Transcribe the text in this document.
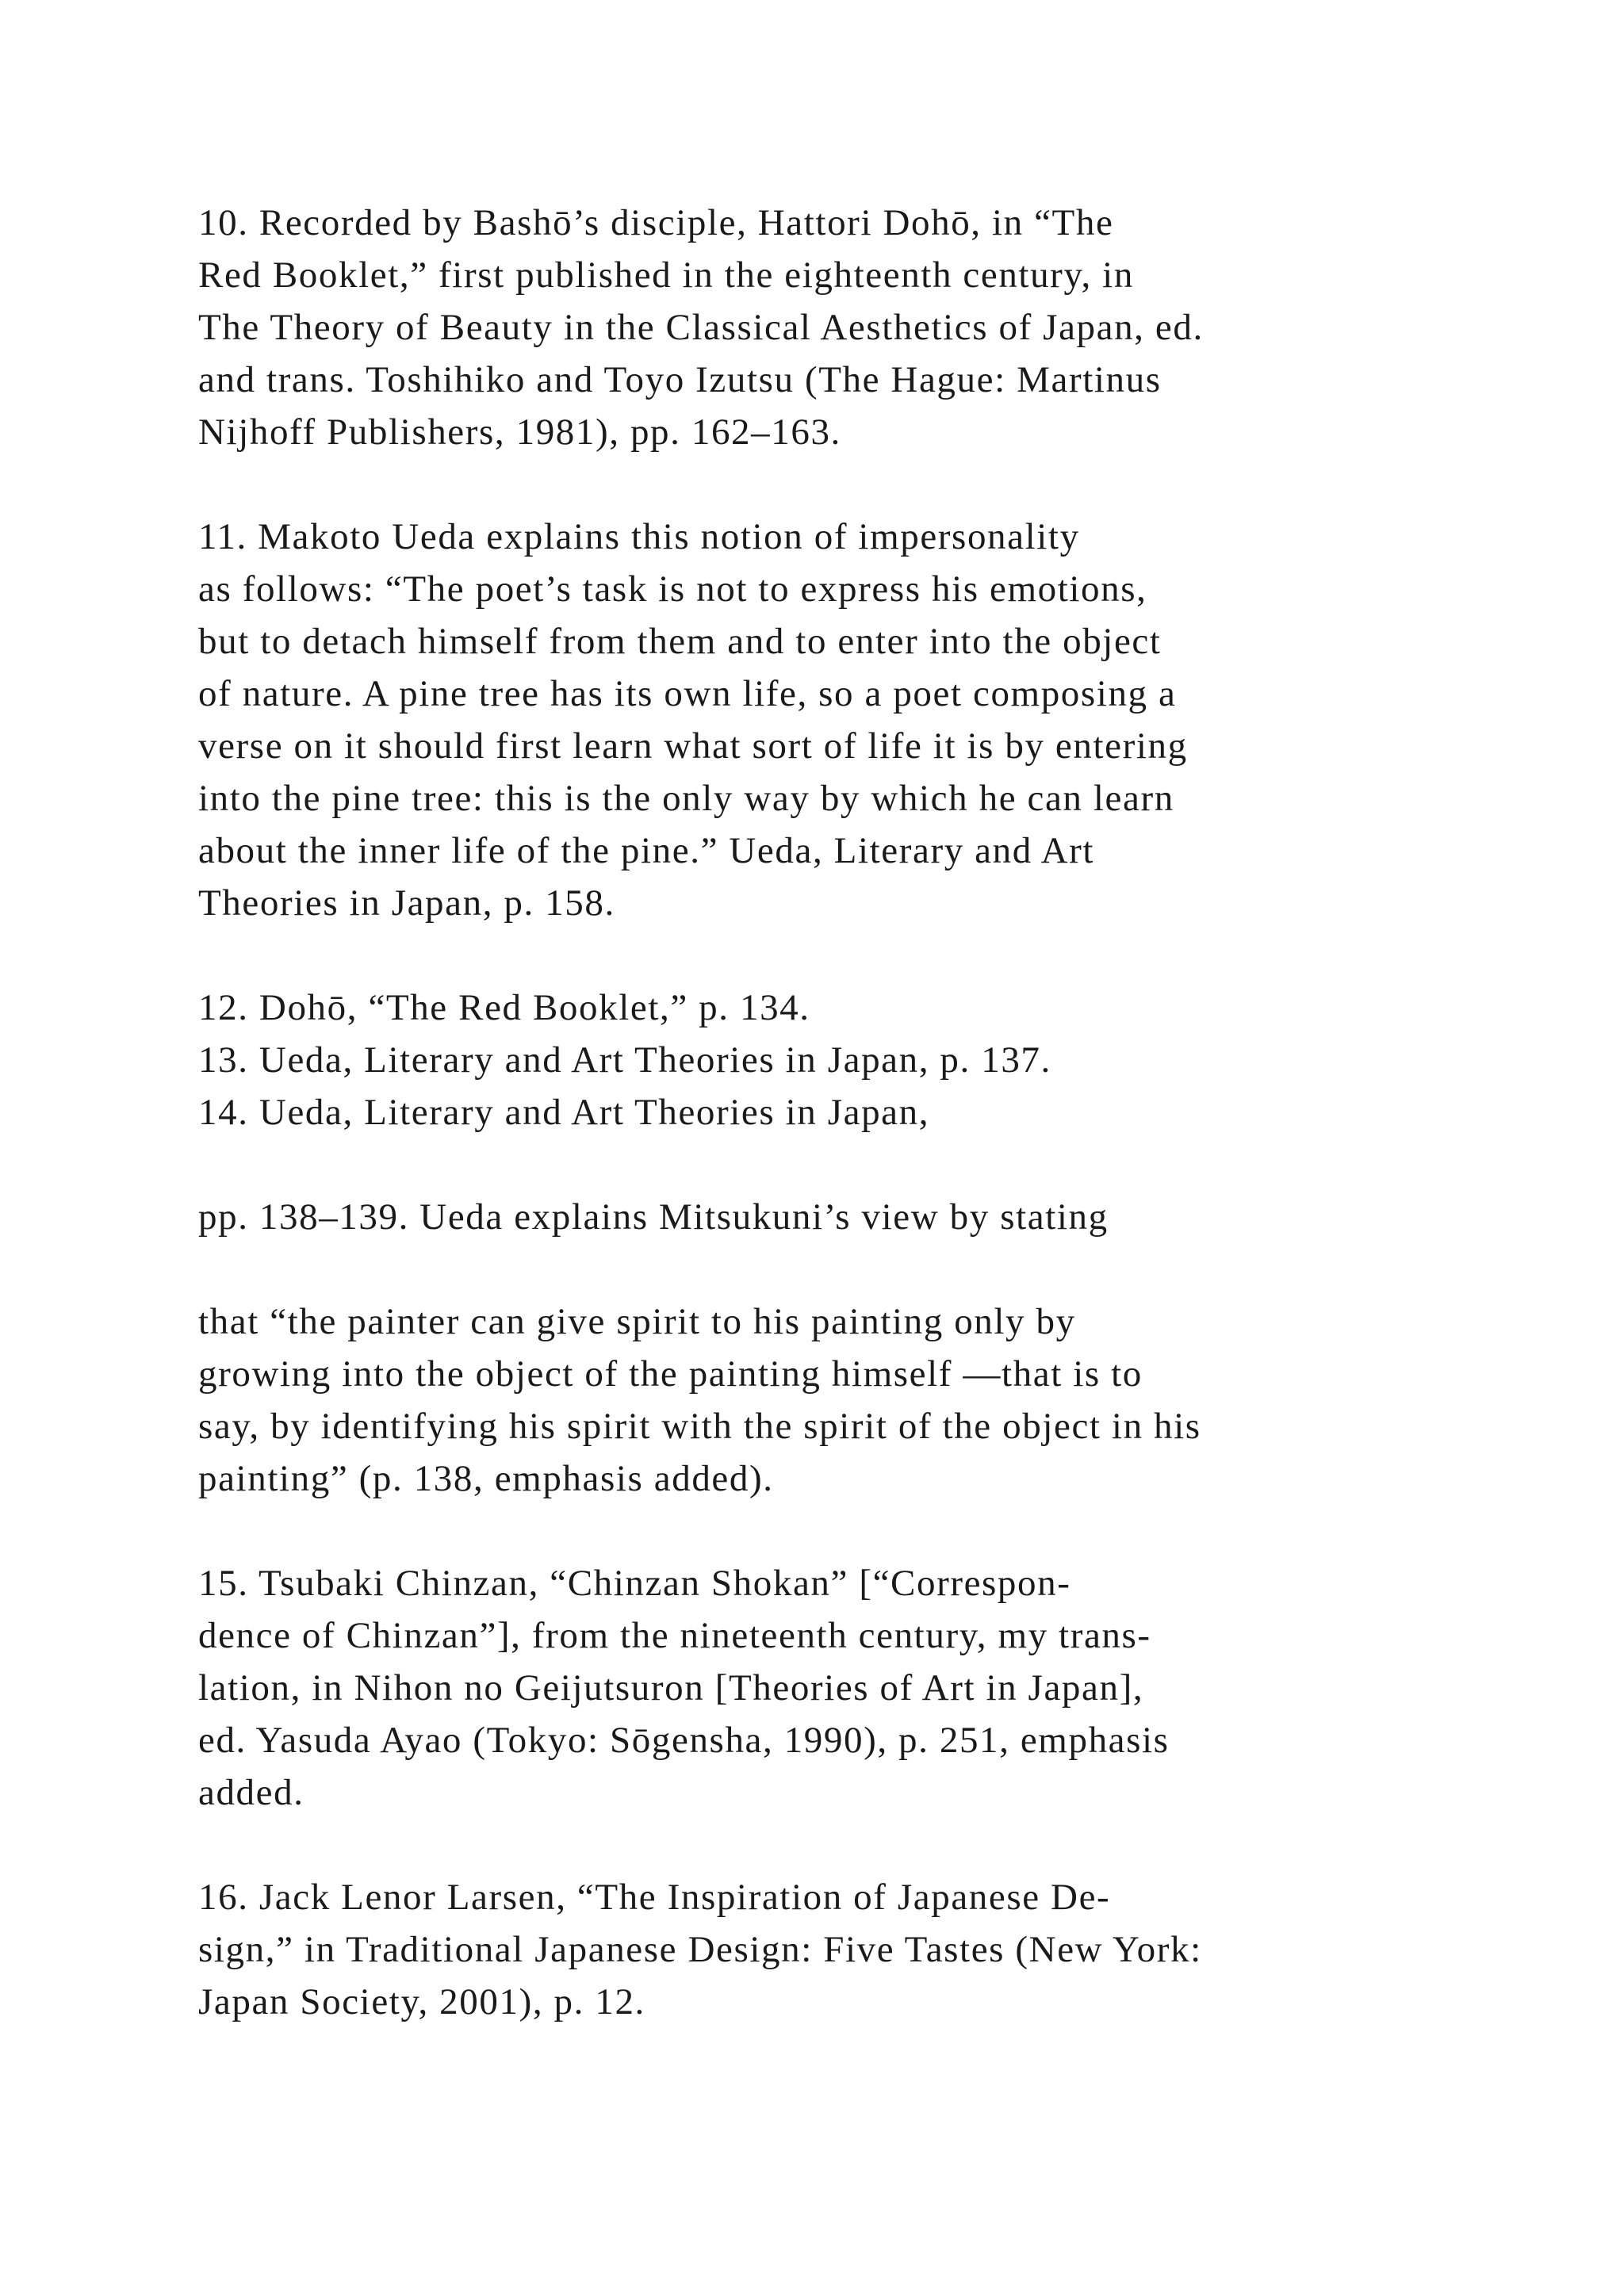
10. Recorded by Bashō’s disciple, Hattori Dohō, in “The
Red Booklet,” first published in the eighteenth century, in
The Theory of Beauty in the Classical Aesthetics of Japan, ed.
and trans. Toshihiko and Toyo Izutsu (The Hague: Martinus
Nijhoff Publishers, 1981), pp. 162–163.
11. Makoto Ueda explains this notion of impersonality
as follows: “The poet’s task is not to express his emotions,
but to detach himself from them and to enter into the object
of nature. A pine tree has its own life, so a poet composing a
verse on it should first learn what sort of life it is by entering
into the pine tree: this is the only way by which he can learn
about the inner life of the pine.” Ueda, Literary and Art
Theories in Japan, p. 158.
12. Dohō, “The Red Booklet,” p. 134.
13. Ueda, Literary and Art Theories in Japan, p. 137.
14. Ueda, Literary and Art Theories in Japan,
pp. 138–139. Ueda explains Mitsukuni’s view by stating
that “the painter can give spirit to his painting only by
growing into the object of the painting himself —that is to
say, by identifying his spirit with the spirit of the object in his
painting” (p. 138, emphasis added).
15. Tsubaki Chinzan, “Chinzan Shokan” [“Correspon-
dence of Chinzan”], from the nineteenth century, my trans-
lation, in Nihon no Geijutsuron [Theories of Art in Japan],
ed. Yasuda Ayao (Tokyo: Sōgensha, 1990), p. 251, emphasis
added.
16. Jack Lenor Larsen, “The Inspiration of Japanese De-
sign,” in Traditional Japanese Design: Five Tastes (New York:
Japan Society, 2001), p. 12.
